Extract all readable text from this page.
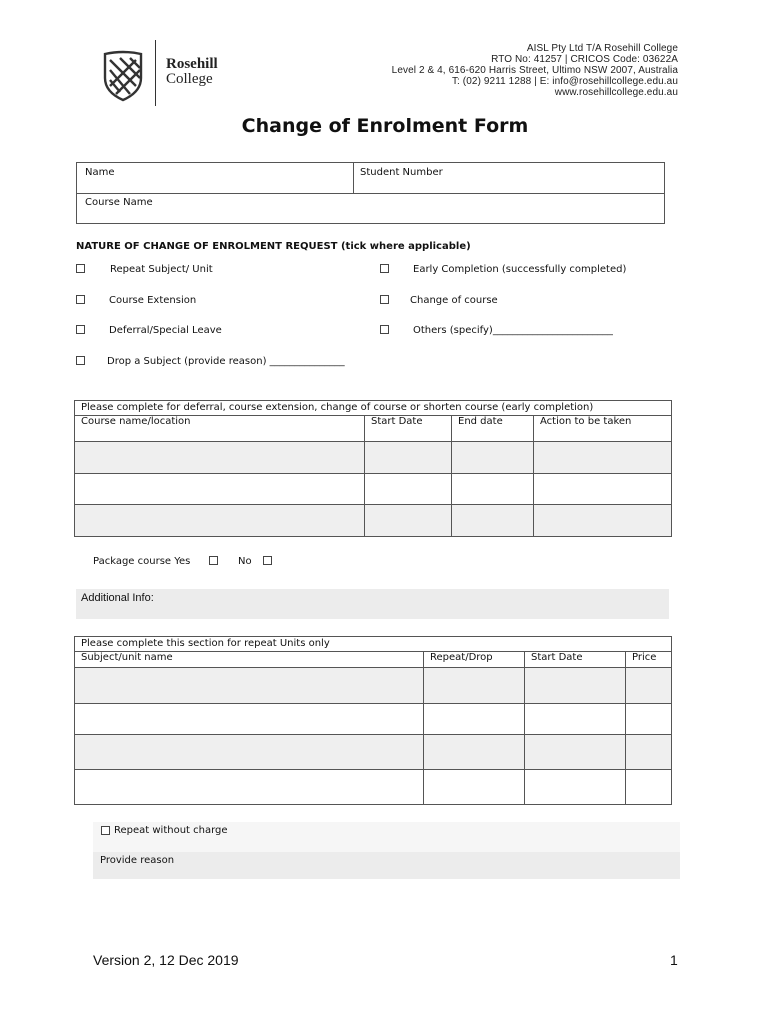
Rosehill
College
AISL Pty Ltd T/A Rosehill College
RTO No: 41257 | CRICOS Code: 03622A
Level 2 & 4, 616-620 Harris Street, Ultimo NSW 2007, Australia
T: (02) 9211 1288 | E: info@rosehillcollege.edu.au
www.rosehillcollege.edu.au
Change of Enrolment Form
Name	Student Number
Course Name
NATURE OF CHANGE OF ENROLMENT REQUEST (tick where applicable)
Repeat Subject/ Unit	Early Completion (successfully completed)
Course Extension	Change of course
Deferral/Special Leave	Others (specify)________________________
Drop a Subject (provide reason) _______________
Please complete for deferral, course extension, change of course or shorten course (early completion)			
Course name/location	Start Date	End date	Action to be taken

Package course Yes	No
Additional Info:
Please complete this section for repeat Units only			
Subject/unit name	Repeat/Drop	Start Date	Price

Repeat without charge
Provide reason
Version 2, 12 Dec 2019	1
